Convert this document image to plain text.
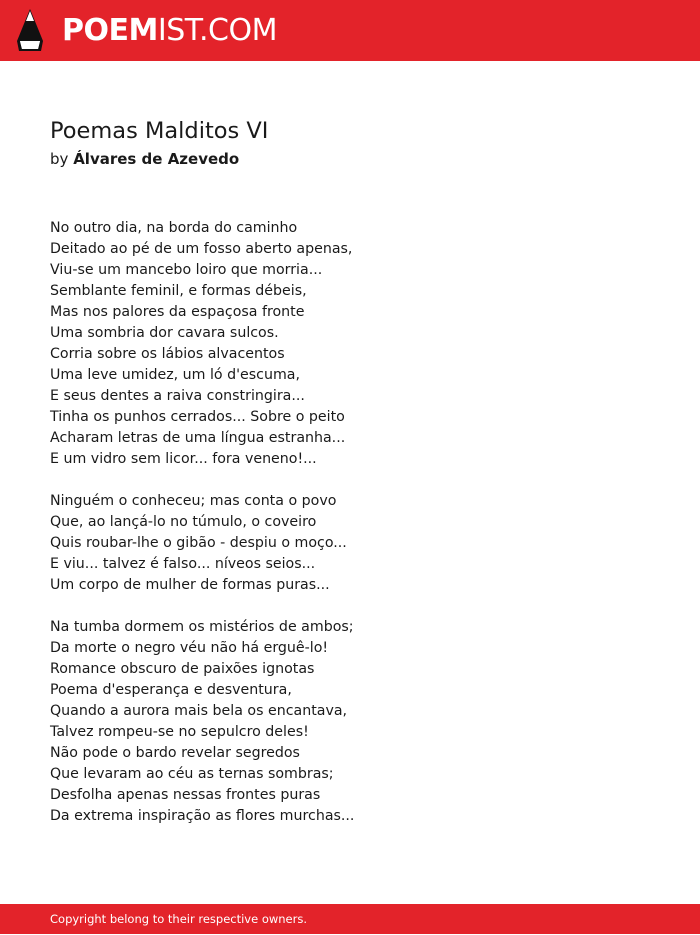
POEMIST.COM
Poemas Malditos VI
by Álvares de Azevedo
No outro dia, na borda do caminho
Deitado ao pé de um fosso aberto apenas,
Viu-se um mancebo loiro que morria...
Semblante feminil, e formas débeis,
Mas nos palores da espaçosa fronte
Uma sombria dor cavara sulcos.
Corria sobre os lábios alvacentos
Uma leve umidez, um ló d'escuma,
E seus dentes a raiva constringira...
Tinha os punhos cerrados... Sobre o peito
Acharam letras de uma língua estranha...
E um vidro sem licor... fora veneno!...
Ninguém o conheceu; mas conta o povo
Que, ao lançá-lo no túmulo, o coveiro
Quis roubar-lhe o gibão - despiu o moço...
E viu... talvez é falso... níveos seios...
Um corpo de mulher de formas puras...
Na tumba dormem os mistérios de ambos;
Da morte o negro véu não há erguê-lo!
Romance obscuro de paixões ignotas
Poema d'esperança e desventura,
Quando a aurora mais bela os encantava,
Talvez rompeu-se no sepulcro deles!
Não pode o bardo revelar segredos
Que levaram ao céu as ternas sombras;
Desfolha apenas nessas frontes puras
Da extrema inspiração as flores murchas...
Copyright belong to their respective owners.
